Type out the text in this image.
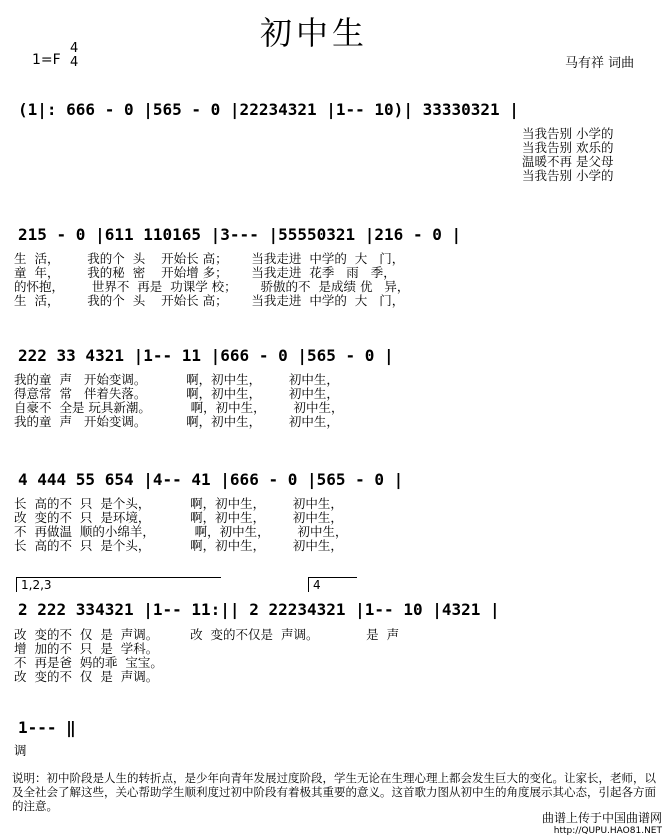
初中生
1=F
4
4	马有祥 词曲
(1|: 666 - 0 |565 - 0 |22234321 |1-- 10)| 33330321 |
当我告别 小学的
当我告别 欢乐的
温暖不再 是父母
当我告别 小学的
215 - 0 |611 110165 |3--- |55550321 |216 - 0 |
生  活，       我的个  头    开始长 高；      当我走进  中学的  大   门，
童  年，       我的秘  密    开始增 多；      当我走进  花季   雨   季，
的怀抱，       世界不  再是  功课学 校；      骄傲的不  是成绩 优   异，
生  活，       我的个  头    开始长 高；      当我走进  中学的  大   门，
222 33 4321 |1-- 11 |666 - 0 |565 - 0 |
我的童  声   开始变调。          啊，初中生，       初中生，
得意常  常   伴着失落。          啊，初中生，       初中生，
自豪不  全是 玩具新潮。          啊，初中生，       初中生，
我的童  声   开始变调。          啊，初中生，       初中生，
4 444 55 654 |4-- 41 |666 - 0 |565 - 0 |
长  高的不  只  是个头，          啊，初中生，       初中生，
改  变的不  只  是环境，          啊，初中生，       初中生，
不  再做温  顺的小绵羊，          啊，初中生，       初中生，
长  高的不  只  是个头，          啊，初中生，       初中生，
1,2,3	4
2 222 334321 |1-- 11:|| 2 22234321 |1-- 10 |4321 |
改  变的不  仅  是  声调。        改  变的不仅是  声调。            是  声
增  加的不  只  是  学科。
不  再是爸  妈的乖  宝宝。
改  变的不  仅  是  声调。
1--- ‖
调
说明：初中阶段是人生的转折点，是少年向青年发展过度阶段，学生无论在生理心理上都会发生巨大的变化。让家长，老师，以及全社会了解这些，关心帮助学生顺利度过初中阶段有着极其重要的意义。这首歌力图从初中生的角度展示其心态，引起各方面的注意。
曲谱上传于中国曲谱网
http://QUPU.HAO81.NET
